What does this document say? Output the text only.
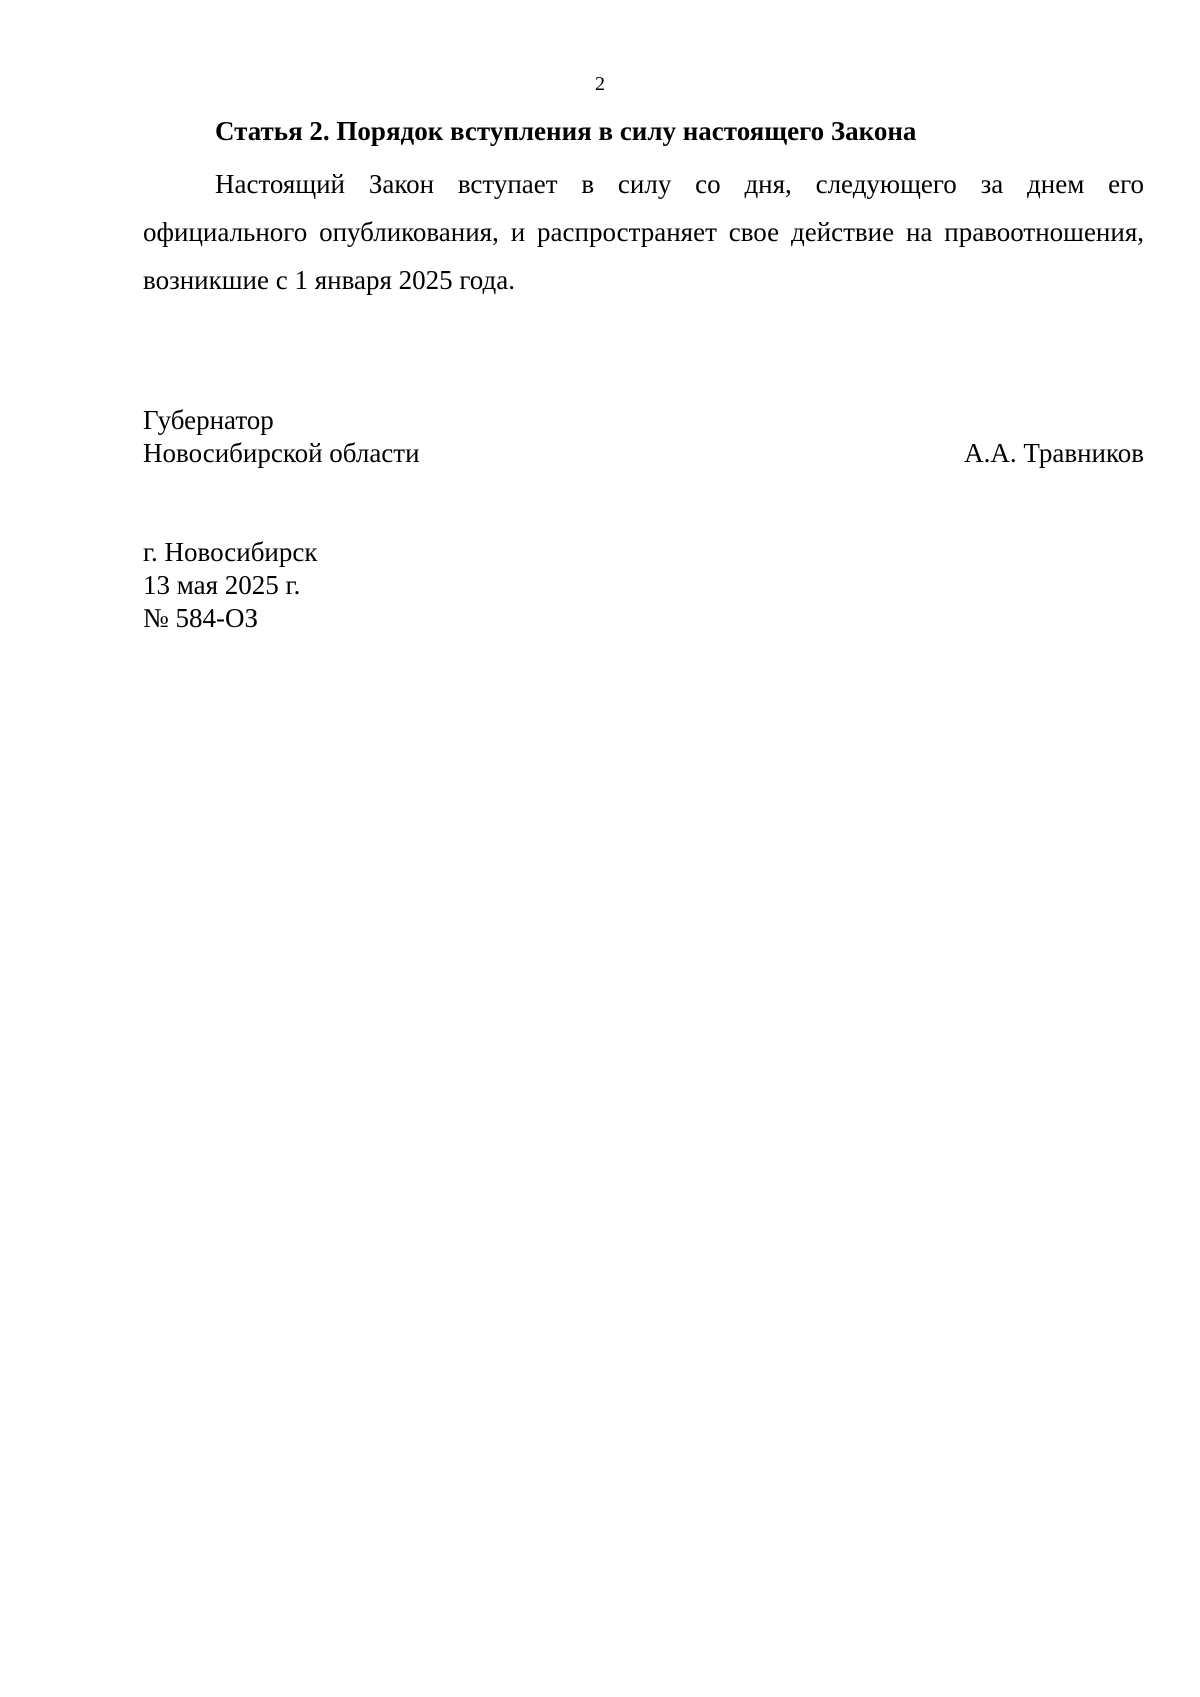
2
Статья 2. Порядок вступления в силу настоящего Закона

Настоящий Закон вступает в силу со дня, следующего за днем его официального опубликования, и распространяет свое действие на правоотношения, возникшие с 1 января 2025 года.

Губернатор
Новосибирской области	А.А. Травников
г. Новосибирск
13 мая 2025 г.
№ 584-ОЗ
